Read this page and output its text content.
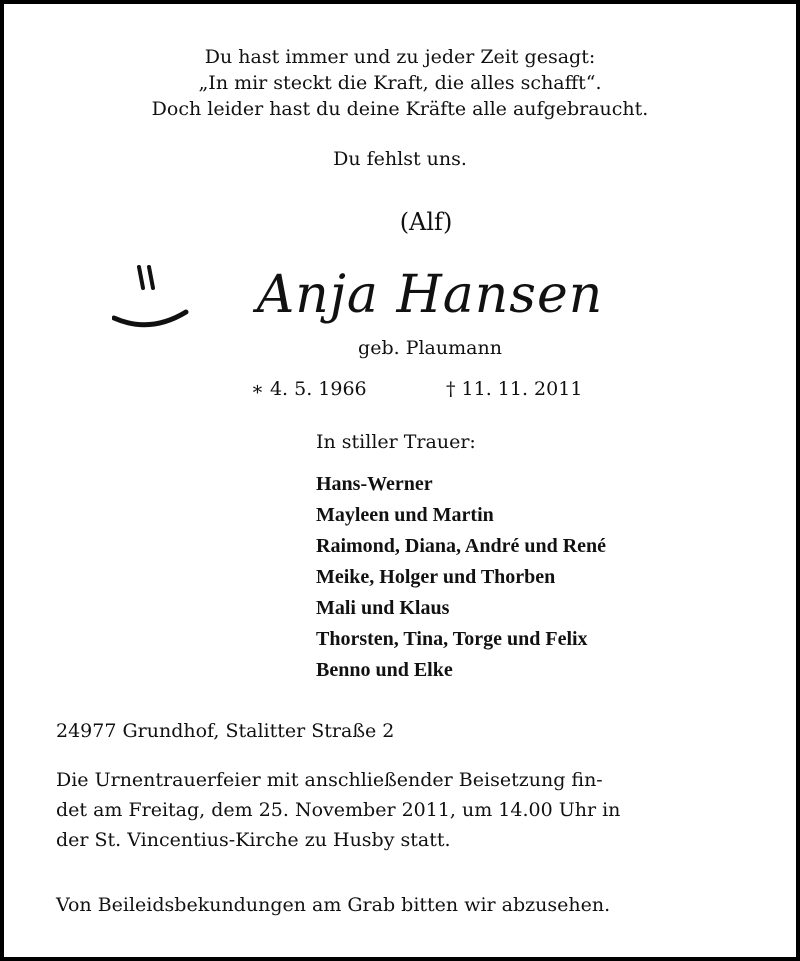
Du hast immer und zu jeder Zeit gesagt:
„In mir steckt die Kraft, die alles schafft“.
Doch leider hast du deine Kräfte alle aufgebraucht.
Du fehlst uns.
(Alf)
Anja Hansen
geb. Plaumann
∗ 4. 5. 1966	† 11. 11. 2011
In stiller Trauer:
Hans-Werner
Mayleen und Martin
Raimond, Diana, André und René
Meike, Holger und Thorben
Mali und Klaus
Thorsten, Tina, Torge und Felix
Benno und Elke
24977 Grundhof, Stalitter Straße 2
Die Urnentrauerfeier mit anschließender Beisetzung fin-
det am Freitag, dem 25. November 2011, um 14.00 Uhr in
der St. Vincentius-Kirche zu Husby statt.
Von Beileidsbekundungen am Grab bitten wir abzusehen.
